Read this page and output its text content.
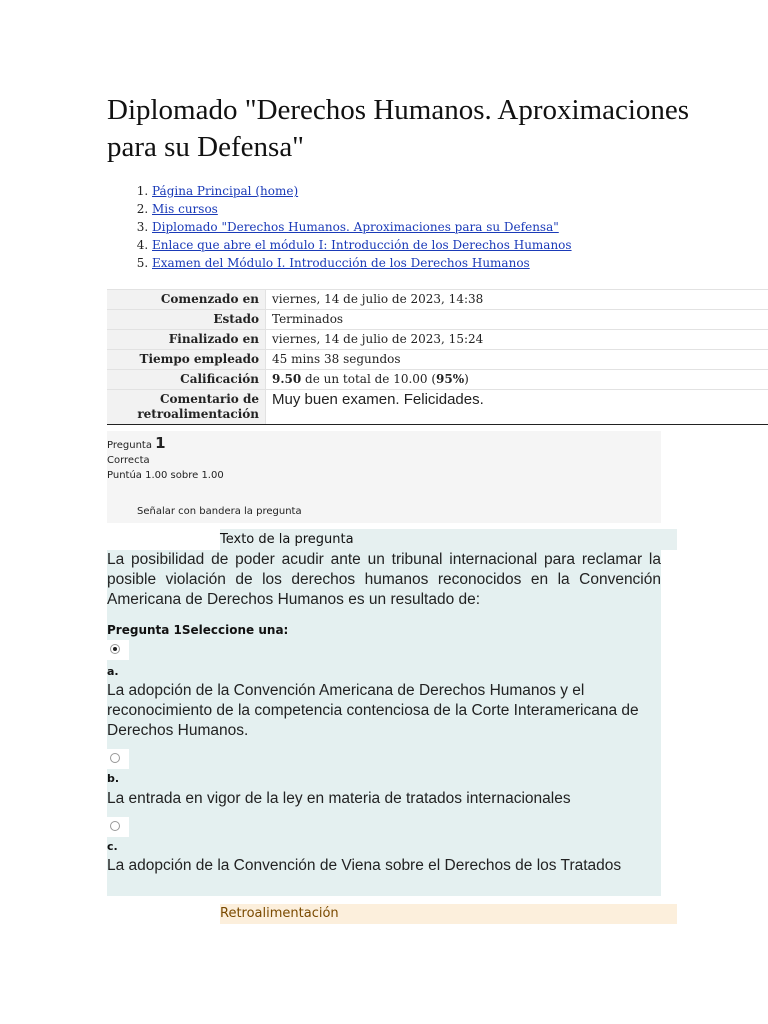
Diplomado "Derechos Humanos. Aproximaciones para su Defensa"
1. Página Principal (home)
2. Mis cursos
3. Diplomado "Derechos Humanos. Aproximaciones para su Defensa"
4. Enlace que abre el módulo I: Introducción de los Derechos Humanos
5. Examen del Módulo I. Introducción de los Derechos Humanos
Comenzado en	viernes, 14 de julio de 2023, 14:38
Estado	Terminados
Finalizado en	viernes, 14 de julio de 2023, 15:24
Tiempo empleado	45 mins 38 segundos
Calificación	9.50 de un total de 10.00 (95%)
Comentario de retroalimentación	Muy buen examen. Felicidades.
Pregunta 1
Correcta
Puntúa 1.00 sobre 1.00
Señalar con bandera la pregunta
Texto de la pregunta

La posibilidad de poder acudir ante un tribunal internacional para reclamar la posible violación de los derechos humanos reconocidos en la Convención Americana de Derechos Humanos es un resultado de:

Pregunta 1Seleccione una:
a.

La adopción de la Convención Americana de Derechos Humanos y el reconocimiento de la competencia contenciosa de la Corte Interamericana de Derechos Humanos.

b.

La entrada en vigor de la ley en materia de tratados internacionales

c.

La adopción de la Convención de Viena sobre el Derechos de los Tratados

Retroalimentación
